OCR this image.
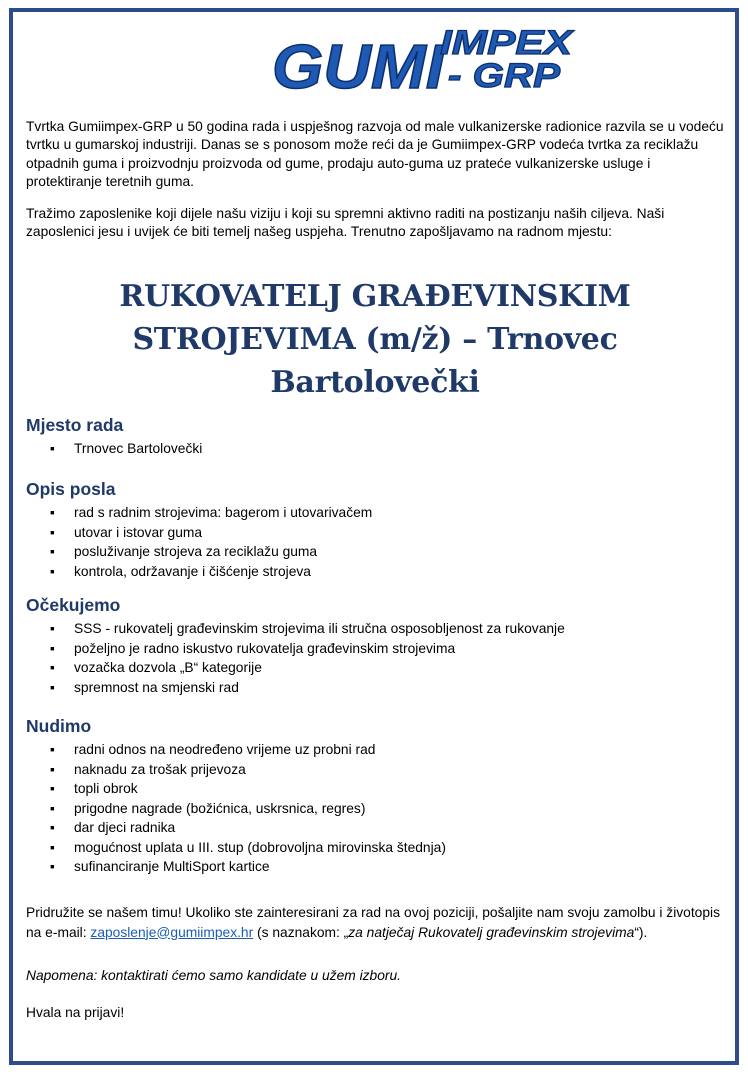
GUMI
IMPEX
- GRP

Tvrtka Gumiimpex-GRP u 50 godina rada i uspješnog razvoja od male vulkanizerske radionice razvila se u vodeću tvrtku u gumarskoj industriji. Danas se s ponosom može reći da je Gumiimpex-GRP vodeća tvrtka za reciklažu otpadnih guma i proizvodnju proizvoda od gume, prodaju auto-guma uz prateće vulkanizerske usluge i protektiranje teretnih guma.

Tražimo zaposlenike koji dijele našu viziju i koji su spremni aktivno raditi na postizanju naših ciljeva. Naši zaposlenici jesu i uvijek će biti temelj našeg uspjeha. Trenutno zapošljavamo na radnom mjestu:

RUKOVATELJ GRAĐEVINSKIM STROJEVIMA (m/ž) – Trnovec Bartolovečki
Mjesto rada
▪ Trnovec Bartolovečki
Opis posla
▪ rad s radnim strojevima: bagerom i utovarivačem
▪ utovar i istovar guma
▪ posluživanje strojeva za reciklažu guma
▪ kontrola, održavanje i čišćenje strojeva
Očekujemo
▪ SSS - rukovatelj građevinskim strojevima ili stručna osposobljenost za rukovanje
▪ poželjno je radno iskustvo rukovatelja građevinskim strojevima
▪ vozačka dozvola „B“ kategorije
▪ spremnost na smjenski rad
Nudimo
▪ radni odnos na neodređeno vrijeme uz probni rad
▪ naknadu za trošak prijevoza
▪ topli obrok
▪ prigodne nagrade (božićnica, uskrsnica, regres)
▪ dar djeci radnika
▪ mogućnost uplata u III. stup (dobrovoljna mirovinska štednja)
▪ sufinanciranje MultiSport kartice

Pridružite se našem timu! Ukoliko ste zainteresirani za rad na ovoj poziciji, pošaljite nam svoju zamolbu i životopis na e-mail: zaposlenje@gumiimpex.hr (s naznakom: „za natječaj Rukovatelj građevinskim strojevima“).

Napomena: kontaktirati ćemo samo kandidate u užem izboru.

Hvala na prijavi!
